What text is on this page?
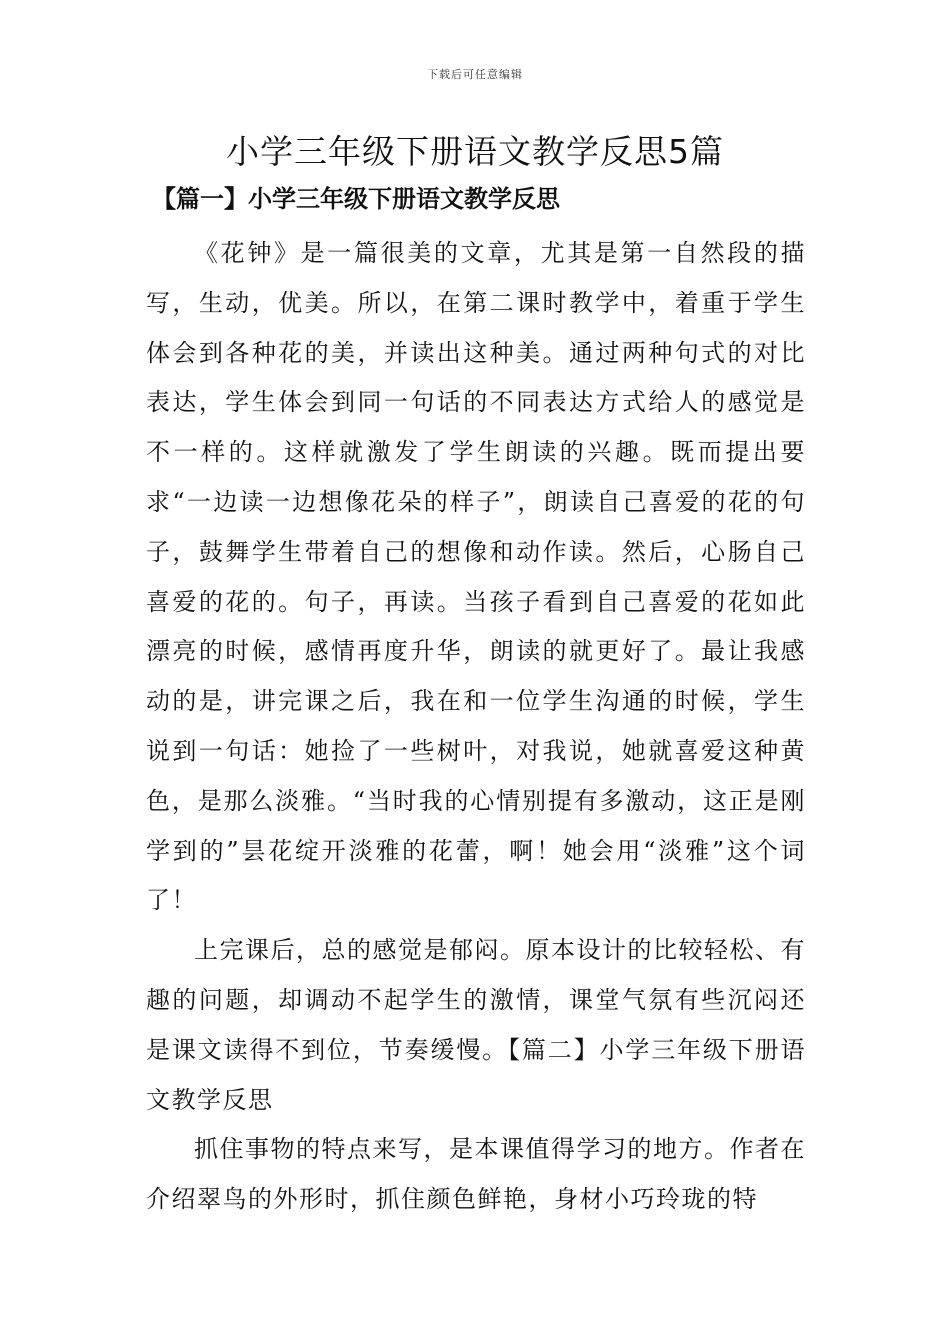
下载后可任意编辑
小学三年级下册语文教学反思5篇
【篇一】小学三年级下册语文教学反思

《花钟》是一篇很美的文章，尤其是第一自然段的描写，生动，优美。所以，在第二课时教学中，着重于学生体会到各种花的美，并读出这种美。通过两种句式的对比表达，学生体会到同一句话的不同表达方式给人的感觉是不一样的。这样就激发了学生朗读的兴趣。既而提出要求“一边读一边想像花朵的样子”，朗读自己喜爱的花的句子，鼓舞学生带着自己的想像和动作读。然后，心肠自己喜爱的花的。句子，再读。当孩子看到自己喜爱的花如此漂亮的时候，感情再度升华，朗读的就更好了。最让我感动的是，讲完课之后，我在和一位学生沟通的时候，学生说到一句话：她捡了一些树叶，对我说，她就喜爱这种黄色，是那么淡雅。“当时我的心情别提有多激动，这正是刚学到的”昙花绽开淡雅的花蕾，啊！她会用“淡雅”这个词了！

上完课后，总的感觉是郁闷。原本设计的比较轻松、有趣的问题，却调动不起学生的激情，课堂气氛有些沉闷还是课文读得不到位，节奏缓慢。【篇二】小学三年级下册语文教学反思

抓住事物的特点来写，是本课值得学习的地方。作者在介绍翠鸟的外形时，抓住颜色鲜艳，身材小巧玲珑的特
